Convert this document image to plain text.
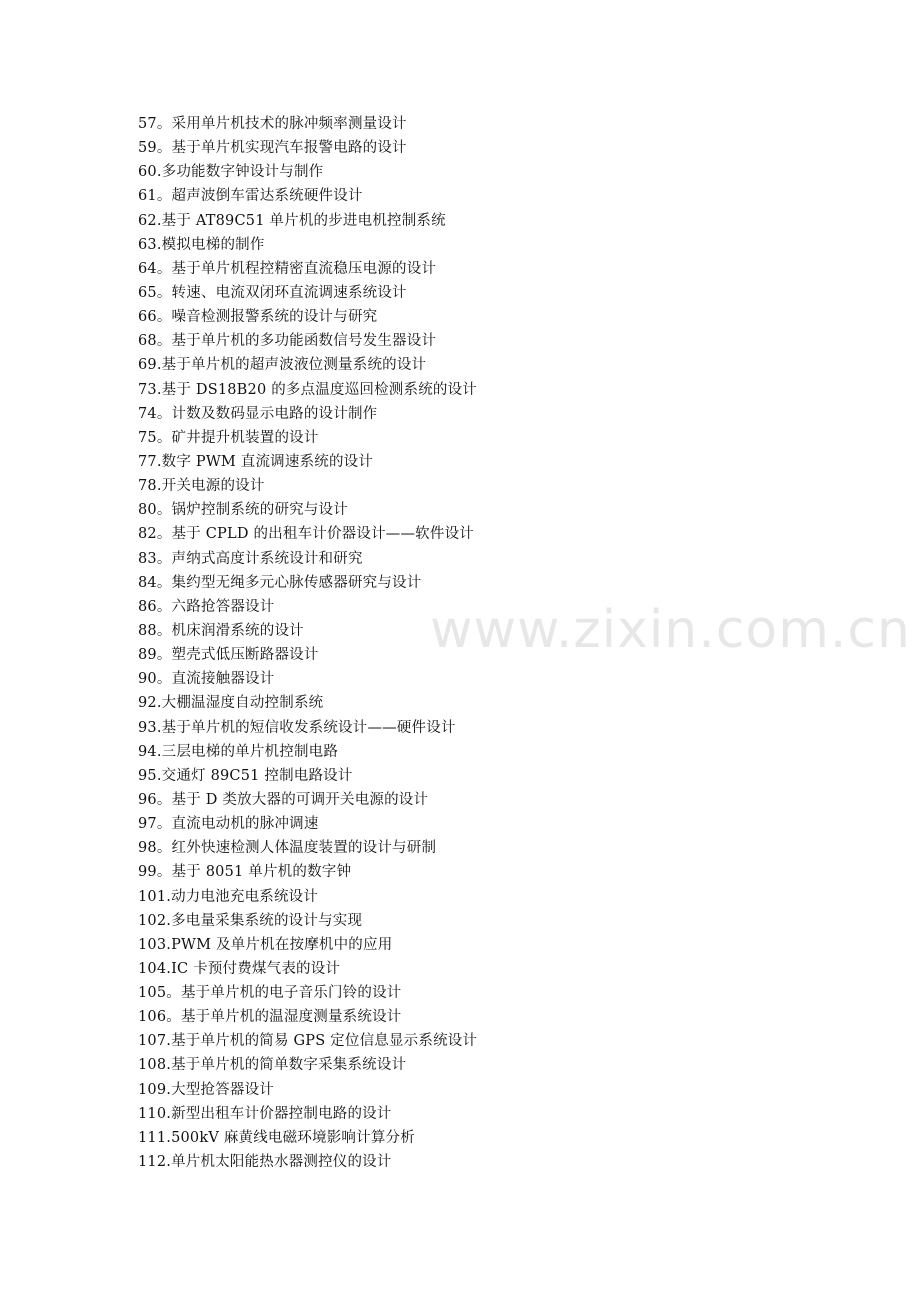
57。采用单片机技术的脉冲频率测量设计
59。基于单片机实现汽车报警电路的设计
60.多功能数字钟设计与制作
61。超声波倒车雷达系统硬件设计
62.基于 AT89C51 单片机的步进电机控制系统
63.模拟电梯的制作
64。基于单片机程控精密直流稳压电源的设计
65。转速、电流双闭环直流调速系统设计
66。噪音检测报警系统的设计与研究
68。基于单片机的多功能函数信号发生器设计
69.基于单片机的超声波液位测量系统的设计
73.基于 DS18B20 的多点温度巡回检测系统的设计
74。计数及数码显示电路的设计制作
75。矿井提升机装置的设计
77.数字 PWM 直流调速系统的设计
78.开关电源的设计
80。锅炉控制系统的研究与设计
82。基于 CPLD 的出租车计价器设计——软件设计
83。声纳式高度计系统设计和研究
84。集约型无绳多元心脉传感器研究与设计
86。六路抢答器设计
88。机床润滑系统的设计
89。塑壳式低压断路器设计
90。直流接触器设计
92.大棚温湿度自动控制系统
93.基于单片机的短信收发系统设计——硬件设计
94.三层电梯的单片机控制电路
95.交通灯 89C51 控制电路设计
96。基于 D 类放大器的可调开关电源的设计
97。直流电动机的脉冲调速
98。红外快速检测人体温度装置的设计与研制
99。基于 8051 单片机的数字钟
101.动力电池充电系统设计
102.多电量采集系统的设计与实现
103.PWM 及单片机在按摩机中的应用
104.IC 卡预付费煤气表的设计
105。基于单片机的电子音乐门铃的设计
106。基于单片机的温湿度测量系统设计
107.基于单片机的简易 GPS 定位信息显示系统设计
108.基于单片机的简单数字采集系统设计
109.大型抢答器设计
110.新型出租车计价器控制电路的设计
111.500kV 麻黄线电磁环境影响计算分析
112.单片机太阳能热水器测控仪的设计
www.zixin.com.cn
